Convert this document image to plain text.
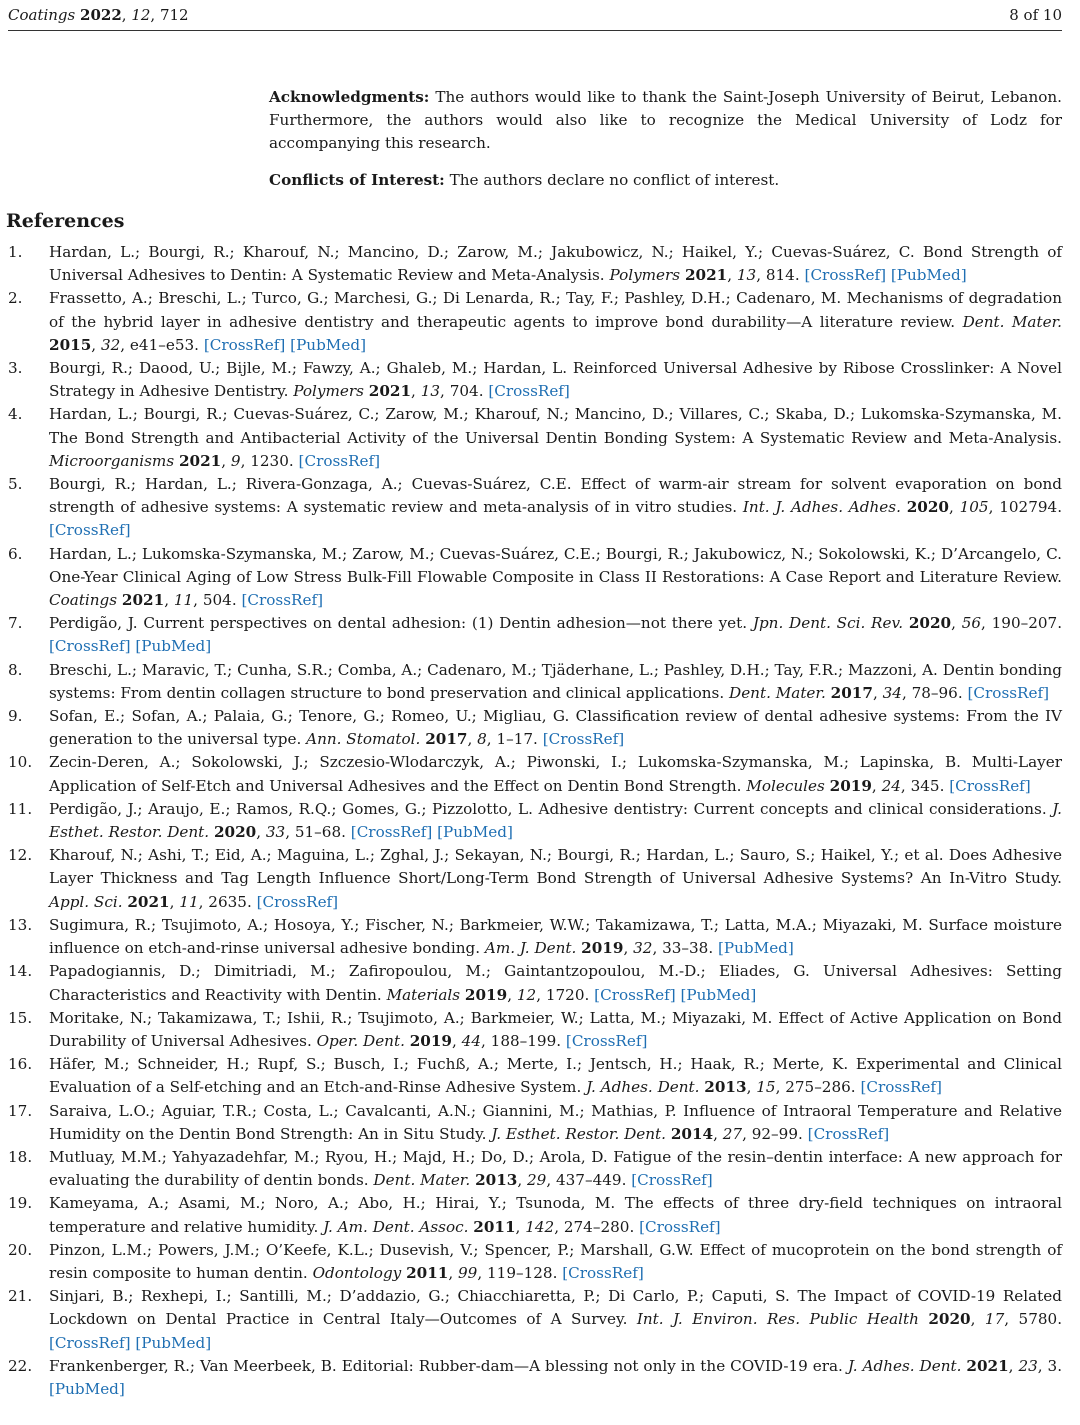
Coatings 2022, 12, 712	8 of 10

Acknowledgments: The authors would like to thank the Saint-Joseph University of Beirut, Lebanon. Furthermore, the authors would also like to recognize the Medical University of Lodz for accompanying this research.

Conflicts of Interest: The authors declare no conflict of interest.

References
1. Hardan, L.; Bourgi, R.; Kharouf, N.; Mancino, D.; Zarow, M.; Jakubowicz, N.; Haikel, Y.; Cuevas-Suárez, C. Bond Strength of Universal Adhesives to Dentin: A Systematic Review and Meta-Analysis. Polymers 2021, 13, 814. [CrossRef] [PubMed]
2. Frassetto, A.; Breschi, L.; Turco, G.; Marchesi, G.; Di Lenarda, R.; Tay, F.; Pashley, D.H.; Cadenaro, M. Mechanisms of degradation of the hybrid layer in adhesive dentistry and therapeutic agents to improve bond durability—A literature review. Dent. Mater. 2015, 32, e41–e53. [CrossRef] [PubMed]
3. Bourgi, R.; Daood, U.; Bijle, M.; Fawzy, A.; Ghaleb, M.; Hardan, L. Reinforced Universal Adhesive by Ribose Crosslinker: A Novel Strategy in Adhesive Dentistry. Polymers 2021, 13, 704. [CrossRef]
4. Hardan, L.; Bourgi, R.; Cuevas-Suárez, C.; Zarow, M.; Kharouf, N.; Mancino, D.; Villares, C.; Skaba, D.; Lukomska-Szymanska, M. The Bond Strength and Antibacterial Activity of the Universal Dentin Bonding System: A Systematic Review and Meta-Analysis. Microorganisms 2021, 9, 1230. [CrossRef]
5. Bourgi, R.; Hardan, L.; Rivera-Gonzaga, A.; Cuevas-Suárez, C.E. Effect of warm-air stream for solvent evaporation on bond strength of adhesive systems: A systematic review and meta-analysis of in vitro studies. Int. J. Adhes. Adhes. 2020, 105, 102794. [CrossRef]
6. Hardan, L.; Lukomska-Szymanska, M.; Zarow, M.; Cuevas-Suárez, C.E.; Bourgi, R.; Jakubowicz, N.; Sokolowski, K.; D’Arcangelo, C. One-Year Clinical Aging of Low Stress Bulk-Fill Flowable Composite in Class II Restorations: A Case Report and Literature Review. Coatings 2021, 11, 504. [CrossRef]
7. Perdigão, J. Current perspectives on dental adhesion: (1) Dentin adhesion—not there yet. Jpn. Dent. Sci. Rev. 2020, 56, 190–207. [CrossRef] [PubMed]
8. Breschi, L.; Maravic, T.; Cunha, S.R.; Comba, A.; Cadenaro, M.; Tjäderhane, L.; Pashley, D.H.; Tay, F.R.; Mazzoni, A. Dentin bonding systems: From dentin collagen structure to bond preservation and clinical applications. Dent. Mater. 2017, 34, 78–96. [CrossRef]
9. Sofan, E.; Sofan, A.; Palaia, G.; Tenore, G.; Romeo, U.; Migliau, G. Classification review of dental adhesive systems: From the IV generation to the universal type. Ann. Stomatol. 2017, 8, 1–17. [CrossRef]
10. Zecin-Deren, A.; Sokolowski, J.; Szczesio-Wlodarczyk, A.; Piwonski, I.; Lukomska-Szymanska, M.; Lapinska, B. Multi-Layer Application of Self-Etch and Universal Adhesives and the Effect on Dentin Bond Strength. Molecules 2019, 24, 345. [CrossRef]
11. Perdigão, J.; Araujo, E.; Ramos, R.Q.; Gomes, G.; Pizzolotto, L. Adhesive dentistry: Current concepts and clinical considerations. J. Esthet. Restor. Dent. 2020, 33, 51–68. [CrossRef] [PubMed]
12. Kharouf, N.; Ashi, T.; Eid, A.; Maguina, L.; Zghal, J.; Sekayan, N.; Bourgi, R.; Hardan, L.; Sauro, S.; Haikel, Y.; et al. Does Adhesive Layer Thickness and Tag Length Influence Short/Long-Term Bond Strength of Universal Adhesive Systems? An In-Vitro Study. Appl. Sci. 2021, 11, 2635. [CrossRef]
13. Sugimura, R.; Tsujimoto, A.; Hosoya, Y.; Fischer, N.; Barkmeier, W.W.; Takamizawa, T.; Latta, M.A.; Miyazaki, M. Surface moisture influence on etch-and-rinse universal adhesive bonding. Am. J. Dent. 2019, 32, 33–38. [PubMed]
14. Papadogiannis, D.; Dimitriadi, M.; Zafiropoulou, M.; Gaintantzopoulou, M.-D.; Eliades, G. Universal Adhesives: Setting Characteristics and Reactivity with Dentin. Materials 2019, 12, 1720. [CrossRef] [PubMed]
15. Moritake, N.; Takamizawa, T.; Ishii, R.; Tsujimoto, A.; Barkmeier, W.; Latta, M.; Miyazaki, M. Effect of Active Application on Bond Durability of Universal Adhesives. Oper. Dent. 2019, 44, 188–199. [CrossRef]
16. Häfer, M.; Schneider, H.; Rupf, S.; Busch, I.; Fuchß, A.; Merte, I.; Jentsch, H.; Haak, R.; Merte, K. Experimental and Clinical Evaluation of a Self-etching and an Etch-and-Rinse Adhesive System. J. Adhes. Dent. 2013, 15, 275–286. [CrossRef]
17. Saraiva, L.O.; Aguiar, T.R.; Costa, L.; Cavalcanti, A.N.; Giannini, M.; Mathias, P. Influence of Intraoral Temperature and Relative Humidity on the Dentin Bond Strength: An in Situ Study. J. Esthet. Restor. Dent. 2014, 27, 92–99. [CrossRef]
18. Mutluay, M.M.; Yahyazadehfar, M.; Ryou, H.; Majd, H.; Do, D.; Arola, D. Fatigue of the resin–dentin interface: A new approach for evaluating the durability of dentin bonds. Dent. Mater. 2013, 29, 437–449. [CrossRef]
19. Kameyama, A.; Asami, M.; Noro, A.; Abo, H.; Hirai, Y.; Tsunoda, M. The effects of three dry-field techniques on intraoral temperature and relative humidity. J. Am. Dent. Assoc. 2011, 142, 274–280. [CrossRef]
20. Pinzon, L.M.; Powers, J.M.; O’Keefe, K.L.; Dusevish, V.; Spencer, P.; Marshall, G.W. Effect of mucoprotein on the bond strength of resin composite to human dentin. Odontology 2011, 99, 119–128. [CrossRef]
21. Sinjari, B.; Rexhepi, I.; Santilli, M.; D’addazio, G.; Chiacchiaretta, P.; Di Carlo, P.; Caputi, S. The Impact of COVID-19 Related Lockdown on Dental Practice in Central Italy—Outcomes of A Survey. Int. J. Environ. Res. Public Health 2020, 17, 5780. [CrossRef] [PubMed]
22. Frankenberger, R.; Van Meerbeek, B. Editorial: Rubber-dam—A blessing not only in the COVID-19 era. J. Adhes. Dent. 2021, 23, 3. [PubMed]
